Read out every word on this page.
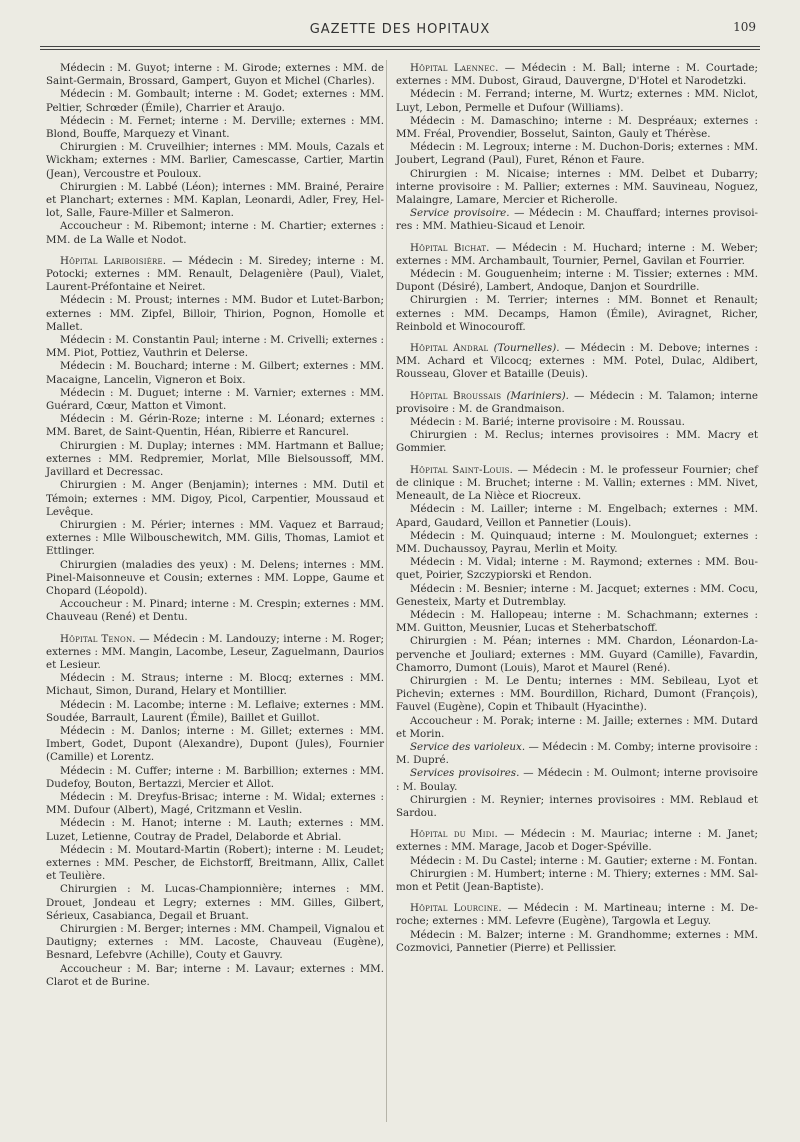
GAZETTE DES HOPITAUX	109

Médecin : M. Guyot; interne : M. Girode; externes : MM. de Saint-Germain, Brossard, Gampert, Guyon et Michel (Charles).

Médecin : M. Gombault; interne : M. Godet; externes : MM. Peltier, Schrœder (Émile), Charrier et Araujo.

Médecin : M. Fernet; interne : M. Derville; externes : MM. Blond, Bouffe, Marquezy et Vinant.

Chirurgien : M. Cruveilhier; internes : MM. Mouls, Cazals et Wickham; externes : MM. Barlier, Camescasse, Cartier, Martin (Jean), Vercoustre et Pouloux.

Chirurgien : M. Labbé (Léon); internes : MM. Brainé, Peraire et Planchart; externes : MM. Kaplan, Leonardi, Adler, Frey, Hellot, Salle, Faure-Miller et Salmeron.

Accoucheur : M. Ribemont; interne : M. Chartier; externes : MM. de La Walle et Nodot.

Hôpital Lariboisière. — Médecin : M. Siredey; interne : M. Potocki; externes : MM. Renault, Delagenière (Paul), Vialet, Laurent-Préfontaine et Neiret.

Médecin : M. Proust; internes : MM. Budor et Lutet-Barbon; externes : MM. Zipfel, Billoir, Thirion, Pognon, Homolle et Mallet.

Médecin : M. Constantin Paul; interne : M. Crivelli; externes : MM. Piot, Pottiez, Vauthrin et Delerse.

Médecin : M. Bouchard; interne : M. Gilbert; externes : MM. Macaigne, Lancelin, Vigneron et Boix.

Médecin : M. Duguet; interne : M. Varnier; externes : MM. Guérard, Cœur, Matton et Vimont.

Médecin : M. Gérin-Roze; interne : M. Léonard; externes : MM. Baret, de Saint-Quentin, Héan, Ribierre et Rancurel.

Chirurgien : M. Duplay; internes : MM. Hartmann et Ballue; externes : MM. Redpremier, Morlat, Mlle Bielsoussoff, MM. Javillard et Decressac.

Chirurgien : M. Anger (Benjamin); internes : MM. Dutil et Témoin; externes : MM. Digoy, Picol, Carpentier, Moussaud et Levêque.

Chirurgien : M. Périer; internes : MM. Vaquez et Barraud; externes : Mlle Wilbouschewitch, MM. Gilis, Thomas, Lamiot et Ettlinger.

Chirurgien (maladies des yeux) : M. Delens; internes : MM. Pinel-Maisonneuve et Cousin; externes : MM. Loppe, Gaume et Chopard (Léopold).

Accoucheur : M. Pinard; interne : M. Crespin; externes : MM. Chauveau (René) et Dentu.

Hôpital Tenon. — Médecin : M. Landouzy; interne : M. Roger; externes : MM. Mangin, Lacombe, Leseur, Zaguelmann, Daurios et Lesieur.

Médecin : M. Straus; interne : M. Blocq; externes : MM. Michaut, Simon, Durand, Helary et Montillier.

Médecin : M. Lacombe; interne : M. Leflaive; externes : MM. Soudée, Barrault, Laurent (Émile), Baillet et Guillot.

Médecin : M. Danlos; interne : M. Gillet; externes : MM. Imbert, Godet, Dupont (Alexandre), Dupont (Jules), Fournier (Camille) et Lorentz.

Médecin : M. Cuffer; interne : M. Barbillion; externes : MM. Dudefoy, Bouton, Bertazzi, Mercier et Allot.

Médecin : M. Dreyfus-Brisac; interne : M. Widal; externes : MM. Dufour (Albert), Magé, Critzmann et Veslin.

Médecin : M. Hanot; interne : M. Lauth; externes : MM. Luzet, Letienne, Coutray de Pradel, Delaborde et Abrial.

Médecin : M. Moutard-Martin (Robert); interne : M. Leudet; externes : MM. Pescher, de Eichstorff, Breitmann, Allix, Callet et Teulière.

Chirurgien : M. Lucas-Championnière; internes : MM. Drouet, Jondeau et Legry; externes : MM. Gilles, Gilbert, Sérieux, Casabianca, Degail et Bruant.

Chirurgien : M. Berger; internes : MM. Champeil, Vignalou et Dautigny; externes : MM. Lacoste, Chauveau (Eugène), Besnard, Lefebvre (Achille), Couty et Gauvry.

Accoucheur : M. Bar; interne : M. Lavaur; externes : MM. Clarot et de Burine.

Hôpital Laennec. — Médecin : M. Ball; interne : M. Courtade; externes : MM. Dubost, Giraud, Dauvergne, D'Hotel et Narodetzki.

Médecin : M. Ferrand; interne, M. Wurtz; externes : MM. Niclot, Luyt, Lebon, Permelle et Dufour (Williams).

Médecin : M. Damaschino; interne : M. Despréaux; externes : MM. Fréal, Provendier, Bosselut, Sainton, Gauly et Thérèse.

Médecin : M. Legroux; interne : M. Duchon-Doris; externes : MM. Joubert, Legrand (Paul), Furet, Rénon et Faure.

Chirurgien : M. Nicaise; internes : MM. Delbet et Dubarry; interne provisoire : M. Pallier; externes : MM. Sauvineau, Noguez, Malaingre, Lamare, Mercier et Richerolle.

Service provisoire. — Médecin : M. Chauffard; internes provisoires : MM. Mathieu-Sicaud et Lenoir.

Hôpital Bichat. — Médecin : M. Huchard; interne : M. Weber; externes : MM. Archambault, Tournier, Pernel, Gavilan et Fourrier.

Médecin : M. Gouguenheim; interne : M. Tissier; externes : MM. Dupont (Désiré), Lambert, Andoque, Danjon et Sourdrille.

Chirurgien : M. Terrier; internes : MM. Bonnet et Renault; externes : MM. Decamps, Hamon (Émile), Aviragnet, Richer, Reinbold et Winocouroff.

Hôpital Andral (Tournelles). — Médecin : M. Debove; internes : MM. Achard et Vilcocq; externes : MM. Potel, Dulac, Aldibert, Rousseau, Glover et Bataille (Deuis).

Hôpital Broussais (Mariniers). — Médecin : M. Talamon; interne provisoire : M. de Grandmaison.

Médecin : M. Barié; interne provisoire : M. Roussau.

Chirurgien : M. Reclus; internes provisoires : MM. Macry et Gommier.

Hôpital Saint-Louis. — Médecin : M. le professeur Fournier; chef de clinique : M. Bruchet; interne : M. Vallin; externes : MM. Nivet, Meneault, de La Nièce et Riocreux.

Médecin : M. Lailler; interne : M. Engelbach; externes : MM. Apard, Gaudard, Veillon et Pannetier (Louis).

Médecin : M. Quinquaud; interne : M. Moulonguet; externes : MM. Duchaussoy, Payrau, Merlin et Moity.

Médecin : M. Vidal; interne : M. Raymond; externes : MM. Bouquet, Poirier, Szczypiorski et Rendon.

Médecin : M. Besnier; interne : M. Jacquet; externes : MM. Cocu, Genesteix, Marty et Dutremblay.

Médecin : M. Hallopeau; interne : M. Schachmann; externes : MM. Guitton, Meusnier, Lucas et Steherbatschoff.

Chirurgien : M. Péan; internes : MM. Chardon, Léonardon-Lapervenche et Jouliard; externes : MM. Guyard (Camille), Favardin, Chamorro, Dumont (Louis), Marot et Maurel (René).

Chirurgien : M. Le Dentu; internes : MM. Sebileau, Lyot et Pichevin; externes : MM. Bourdillon, Richard, Dumont (François), Fauvel (Eugène), Copin et Thibault (Hyacinthe).

Accoucheur : M. Porak; interne : M. Jaille; externes : MM. Dutard et Morin.

Service des varioleux. — Médecin : M. Comby; interne provisoire : M. Dupré.

Services provisoires. — Médecin : M. Oulmont; interne provisoire : M. Boulay.

Chirurgien : M. Reynier; internes provisoires : MM. Reblaud et Sardou.

Hôpital du Midi. — Médecin : M. Mauriac; interne : M. Janet; externes : MM. Marage, Jacob et Doger-Spéville.

Médecin : M. Du Castel; interne : M. Gautier; externe : M. Fontan.

Chirurgien : M. Humbert; interne : M. Thiery; externes : MM. Salmon et Petit (Jean-Baptiste).

Hôpital Lourcine. — Médecin : M. Martineau; interne : M. Deroche; externes : MM. Lefevre (Eugène), Targowla et Leguy.

Médecin : M. Balzer; interne : M. Grandhomme; externes : MM. Cozmovici, Pannetier (Pierre) et Pellissier.
